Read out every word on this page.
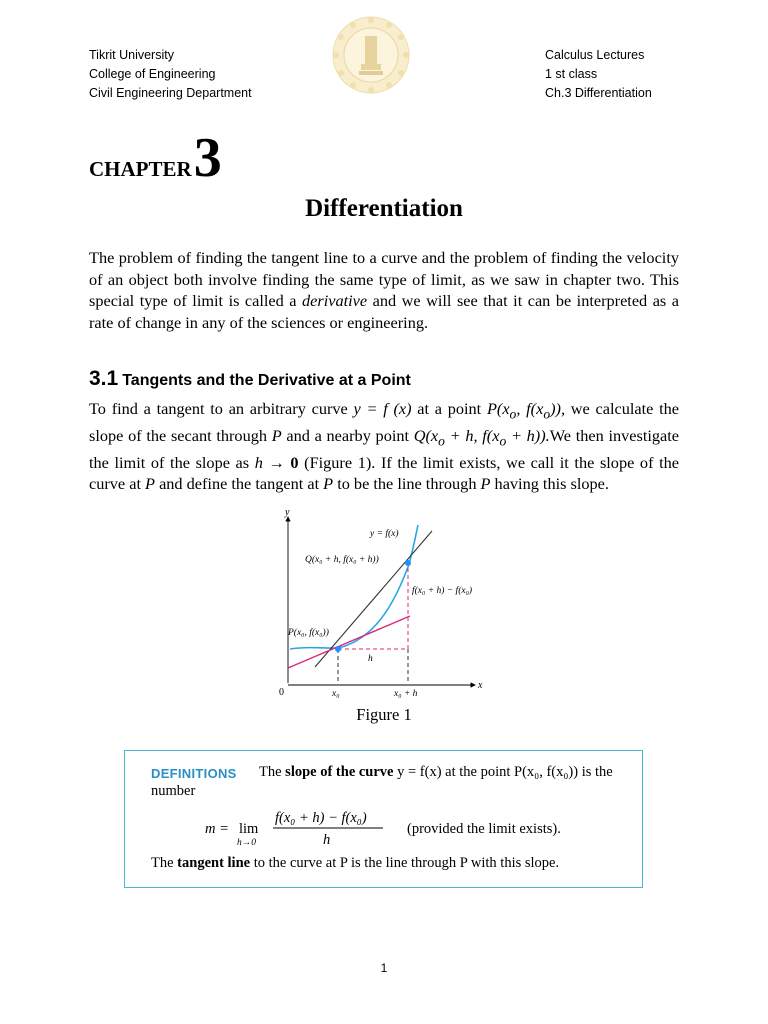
Tikrit University
College of Engineering
Civil Engineering Department
Calculus Lectures
1 st class
Ch.3 Differentiation
CHAPTER3
Differentiation
The problem of finding the tangent line to a curve and the problem of finding the velocity of an object both involve finding the same type of limit, as we saw in chapter two. This special type of limit is called a derivative and we will see that it can be interpreted as a rate of change in any of the sciences or engineering.
3.1 Tangents and the Derivative at a Point
To find a tangent to an arbitrary curve y = f (x) at a point $P(x_o$, $f(x_o)$), we calculate the slope of the secant through P and a nearby point $Q(x_o + h$, $f(x_o + h)).We$ then investigate the limit of the slope as h → 0 (Figure 1). If the limit exists, we call it the slope of the curve at P and define the tangent at P to be the line through P having this slope.
y
x
0
y = f(x)
Q(x₀ + h, f(x₀ + h))
f(x₀ + h) − f(x₀)
P(x₀, f(x₀))
h
x₀	x₀ + h
Figure 1
DEFINITIONS The slope of the curve y = f(x) at the point P(x₀, f(x₀)) is the
number
m = lim
h→0
f(x₀ + h) − f(x₀)
h
(provided the limit exists).
The tangent line to the curve at P is the line through P with this slope.
1
